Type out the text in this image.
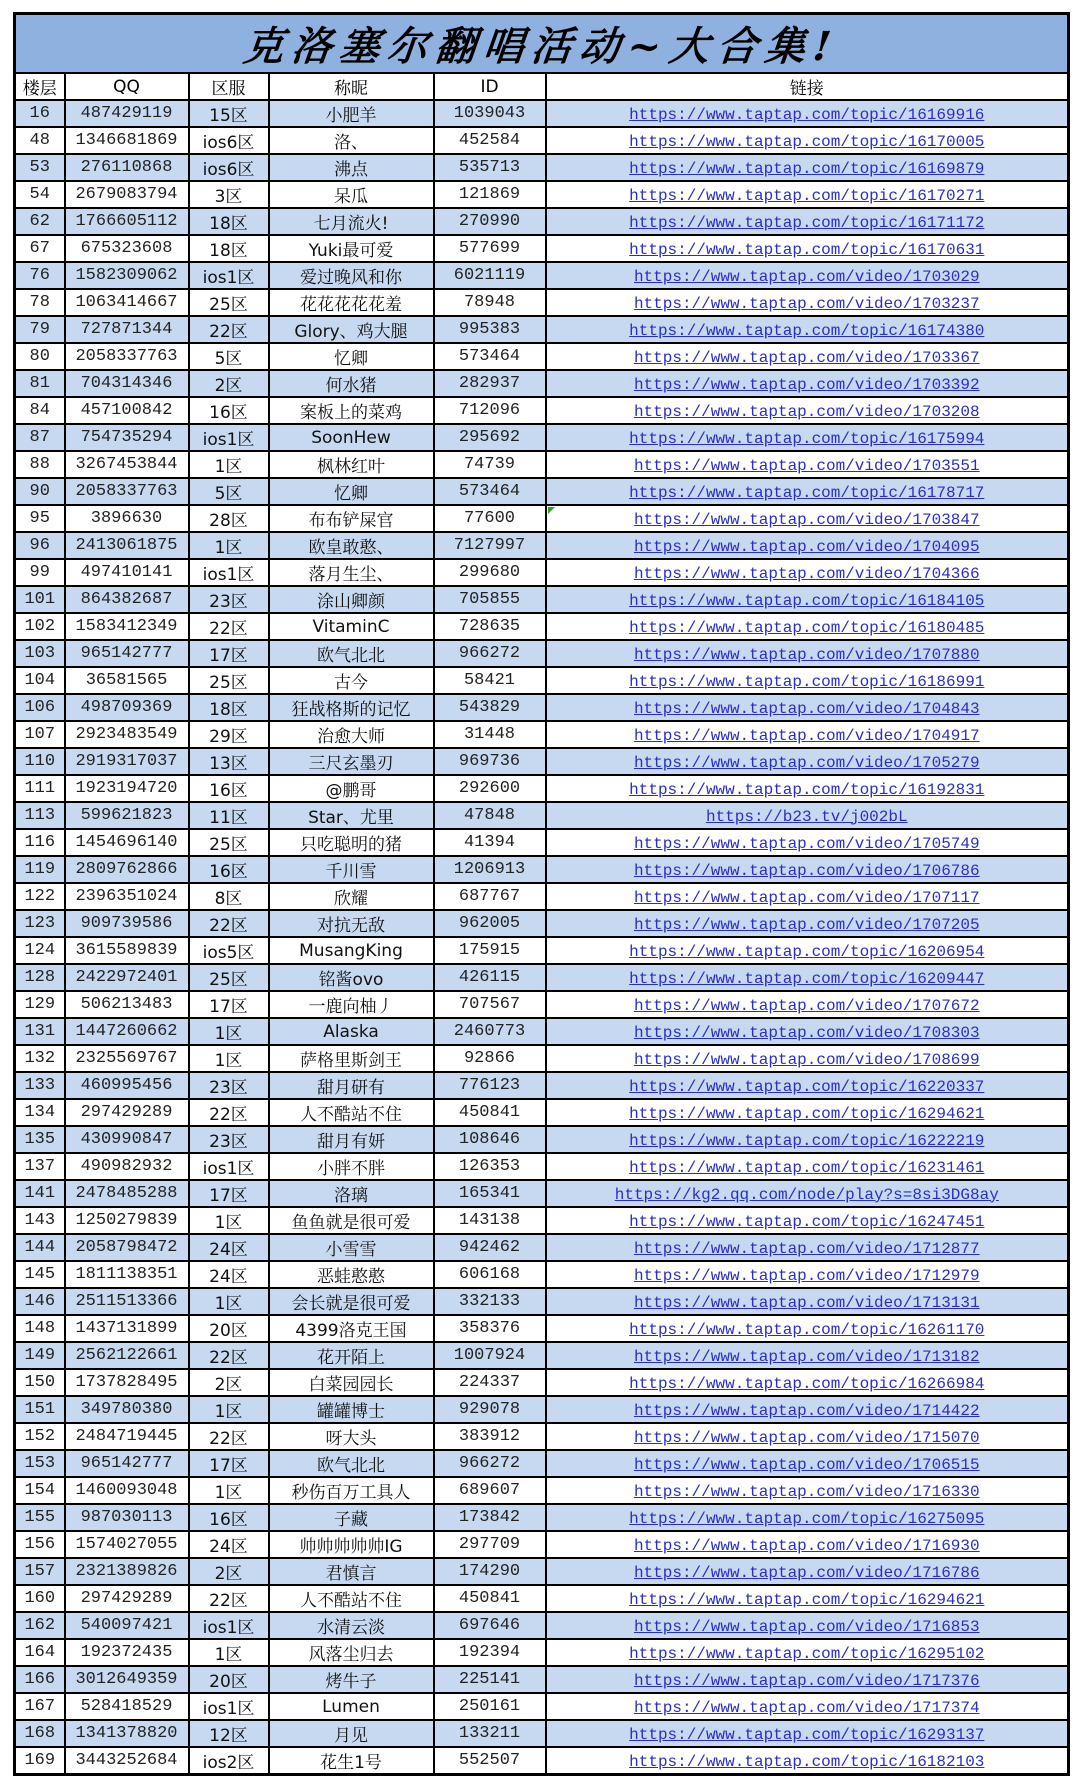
克洛塞尔翻唱活动~大合集!					
楼层	QQ	区服	称昵	ID	链接
16	487429119	15区	小肥羊	1039043	https://www.taptap.com/topic/16169916
48	1346681869	ios6区	洛、	452584	https://www.taptap.com/topic/16170005
53	276110868	ios6区	沸点	535713	https://www.taptap.com/topic/16169879
54	2679083794	3区	呆瓜	121869	https://www.taptap.com/topic/16170271
62	1766605112	18区	七月流火!	270990	https://www.taptap.com/topic/16171172
67	675323608	18区	Yuki最可爱	577699	https://www.taptap.com/topic/16170631
76	1582309062	ios1区	爱过晚风和你	6021119	https://www.taptap.com/video/1703029
78	1063414667	25区	花花花花花羞	78948	https://www.taptap.com/video/1703237
79	727871344	22区	Glory、鸡大腿	995383	https://www.taptap.com/topic/16174380
80	2058337763	5区	忆卿	573464	https://www.taptap.com/video/1703367
81	704314346	2区	何水猪	282937	https://www.taptap.com/video/1703392
84	457100842	16区	案板上的菜鸡	712096	https://www.taptap.com/video/1703208
87	754735294	ios1区	SoonHew	295692	https://www.taptap.com/topic/16175994
88	3267453844	1区	枫林红叶	74739	https://www.taptap.com/video/1703551
90	2058337763	5区	忆卿	573464	https://www.taptap.com/topic/16178717
95	3896630	28区	布布铲屎官	77600	https://www.taptap.com/video/1703847
96	2413061875	1区	欧皇敢憨、	7127997	https://www.taptap.com/video/1704095
99	497410141	ios1区	落月生尘、	299680	https://www.taptap.com/video/1704366
101	864382687	23区	涂山卿颜	705855	https://www.taptap.com/topic/16184105
102	1583412349	22区	VitaminC	728635	https://www.taptap.com/topic/16180485
103	965142777	17区	欧气北北	966272	https://www.taptap.com/video/1707880
104	36581565	25区	古今	58421	https://www.taptap.com/topic/16186991
106	498709369	18区	狂战格斯的记忆	543829	https://www.taptap.com/video/1704843
107	2923483549	29区	治愈大师	31448	https://www.taptap.com/video/1704917
110	2919317037	13区	三尺玄墨刃	969736	https://www.taptap.com/video/1705279
111	1923194720	16区	@鹏哥	292600	https://www.taptap.com/topic/16192831
113	599621823	11区	Star、尤里	47848	https://b23.tv/j002bL
116	1454696140	25区	只吃聪明的猪	41394	https://www.taptap.com/video/1705749
119	2809762866	16区	千川雪	1206913	https://www.taptap.com/video/1706786
122	2396351024	8区	欣耀	687767	https://www.taptap.com/video/1707117
123	909739586	22区	对抗无敌	962005	https://www.taptap.com/video/1707205
124	3615589839	ios5区	MusangKing	175915	https://www.taptap.com/topic/16206954
128	2422972401	25区	铭酱ovo	426115	https://www.taptap.com/topic/16209447
129	506213483	17区	一鹿向柚丿	707567	https://www.taptap.com/video/1707672
131	1447260662	1区	Alaska	2460773	https://www.taptap.com/video/1708303
132	2325569767	1区	萨格里斯剑王	92866	https://www.taptap.com/video/1708699
133	460995456	23区	甜月研有	776123	https://www.taptap.com/topic/16220337
134	297429289	22区	人不酷站不住	450841	https://www.taptap.com/topic/16294621
135	430990847	23区	甜月有妍	108646	https://www.taptap.com/topic/16222219
137	490982932	ios1区	小胖不胖	126353	https://www.taptap.com/topic/16231461
141	2478485288	17区	洛璃	165341	https://kg2.qq.com/node/play?s=8si3DG8ay
143	1250279839	1区	鱼鱼就是很可爱	143138	https://www.taptap.com/topic/16247451
144	2058798472	24区	小雪雪	942462	https://www.taptap.com/video/1712877
145	1811138351	24区	恶蛙憨憨	606168	https://www.taptap.com/video/1712979
146	2511513366	1区	会长就是很可爱	332133	https://www.taptap.com/video/1713131
148	1437131899	20区	4399洛克王国	358376	https://www.taptap.com/topic/16261170
149	2562122661	22区	花开陌上	1007924	https://www.taptap.com/video/1713182
150	1737828495	2区	白菜园园长	224337	https://www.taptap.com/topic/16266984
151	349780380	1区	罐罐博士	929078	https://www.taptap.com/video/1714422
152	2484719445	22区	呀大头	383912	https://www.taptap.com/video/1715070
153	965142777	17区	欧气北北	966272	https://www.taptap.com/video/1706515
154	1460093048	1区	秒伤百万工具人	689607	https://www.taptap.com/video/1716330
155	987030113	16区	子藏	173842	https://www.taptap.com/topic/16275095
156	1574027055	24区	帅帅帅帅帅IG	297709	https://www.taptap.com/video/1716930
157	2321389826	2区	君慎言	174290	https://www.taptap.com/video/1716786
160	297429289	22区	人不酷站不住	450841	https://www.taptap.com/topic/16294621
162	540097421	ios1区	水清云淡	697646	https://www.taptap.com/video/1716853
164	192372435	1区	风落尘归去	192394	https://www.taptap.com/topic/16295102
166	3012649359	20区	烤牛子	225141	https://www.taptap.com/video/1717376
167	528418529	ios1区	Lumen	250161	https://www.taptap.com/video/1717374
168	1341378820	12区	月见	133211	https://www.taptap.com/topic/16293137
169	3443252684	ios2区	花生1号	552507	https://www.taptap.com/topic/16182103
